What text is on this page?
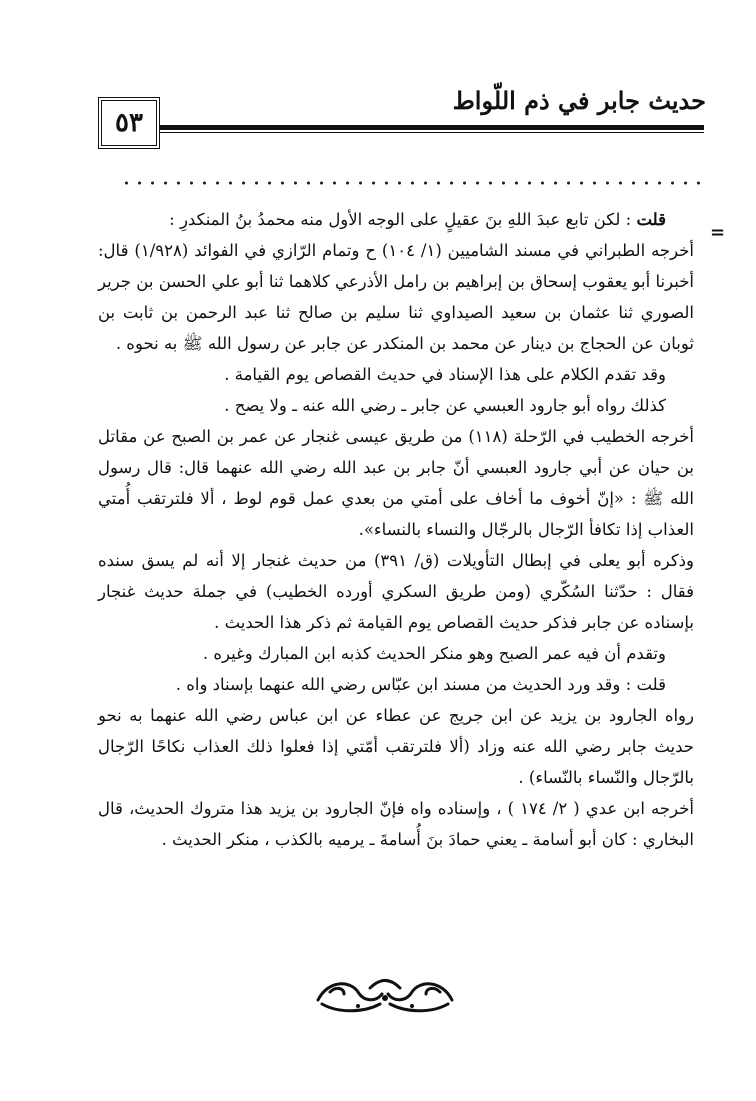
حديث جابر في ذم اللّواط
٥٣
=

قلت : لكن تابع عبدَ اللهِ بنَ عقيلٍ على الوجه الأول منه محمدُ بنُ المنكدرِ :

أخرجه الطبراني في مسند الشاميين (١/ ١٠٤) ح وتمام الرّازي في الفوائد (١/٩٢٨) قال: أخبرنا أبو يعقوب إسحاق بن إبراهيم بن رامل الأذرعي كلاهما ثنا أبو علي الحسن بن جرير الصوري ثنا عثمان بن سعيد الصيداوي ثنا سليم بن صالح ثنا عبد الرحمن بن ثابت بن ثوبان عن الحجاج بن دينار عن محمد بن المنكدر عن جابر عن رسول الله ﷺ به نحوه .

وقد تقدم الكلام على هذا الإسناد في حديث القصاص يوم القيامة .

كذلك رواه أبو جارود العبسي عن جابر ـ رضي الله عنه ـ ولا يصح .

أخرجه الخطيب في الرّحلة (١١٨) من طريق عيسى غنجار عن عمر بن الصبح عن مقاتل بن حيان عن أبي جارود العبسي أنّ جابر بن عبد الله رضي الله عنهما قال: قال رسول الله ﷺ : «إنّ أخوف ما أخاف على أمتي من بعدي عمل قوم لوط ، ألا فلترتقب أُمتي العذاب إذا تكافأ الرّجال بالرجّال والنساء بالنساء».

وذكره أبو يعلى في إبطال التأويلات (ق/ ٣٩١) من حديث غنجار إلا أنه لم يسق سنده فقال : حدّثنا السُكّري (ومن طريق السكري أورده الخطيب) في جملة حديث غنجار بإسناده عن جابر فذكر حديث القصاص يوم القيامة ثم ذكر هذا الحديث .

وتقدم أن فيه عمر الصبح وهو منكر الحديث كذبه ابن المبارك وغيره .

قلت : وقد ورد الحديث من مسند ابن عبّاس رضي الله عنهما بإسناد واه .

رواه الجارود بن يزيد عن ابن جريج عن عطاء عن ابن عباس رضي الله عنهما به نحو حديث جابر رضي الله عنه وزاد (ألا فلترتقب أمّتي إذا فعلوا ذلك العذاب نكاحًا الرّجال بالرّجال والنّساء بالنّساء) .

أخرجه ابن عدي ( ٢/ ١٧٤ ) ، وإسناده واه فإنّ الجارود بن يزيد هذا متروك الحديث، قال البخاري : كان أبو أسامة ـ يعني حمادَ بنَ أُسامةَ ـ يرميه بالكذب ، منكر الحديث .
